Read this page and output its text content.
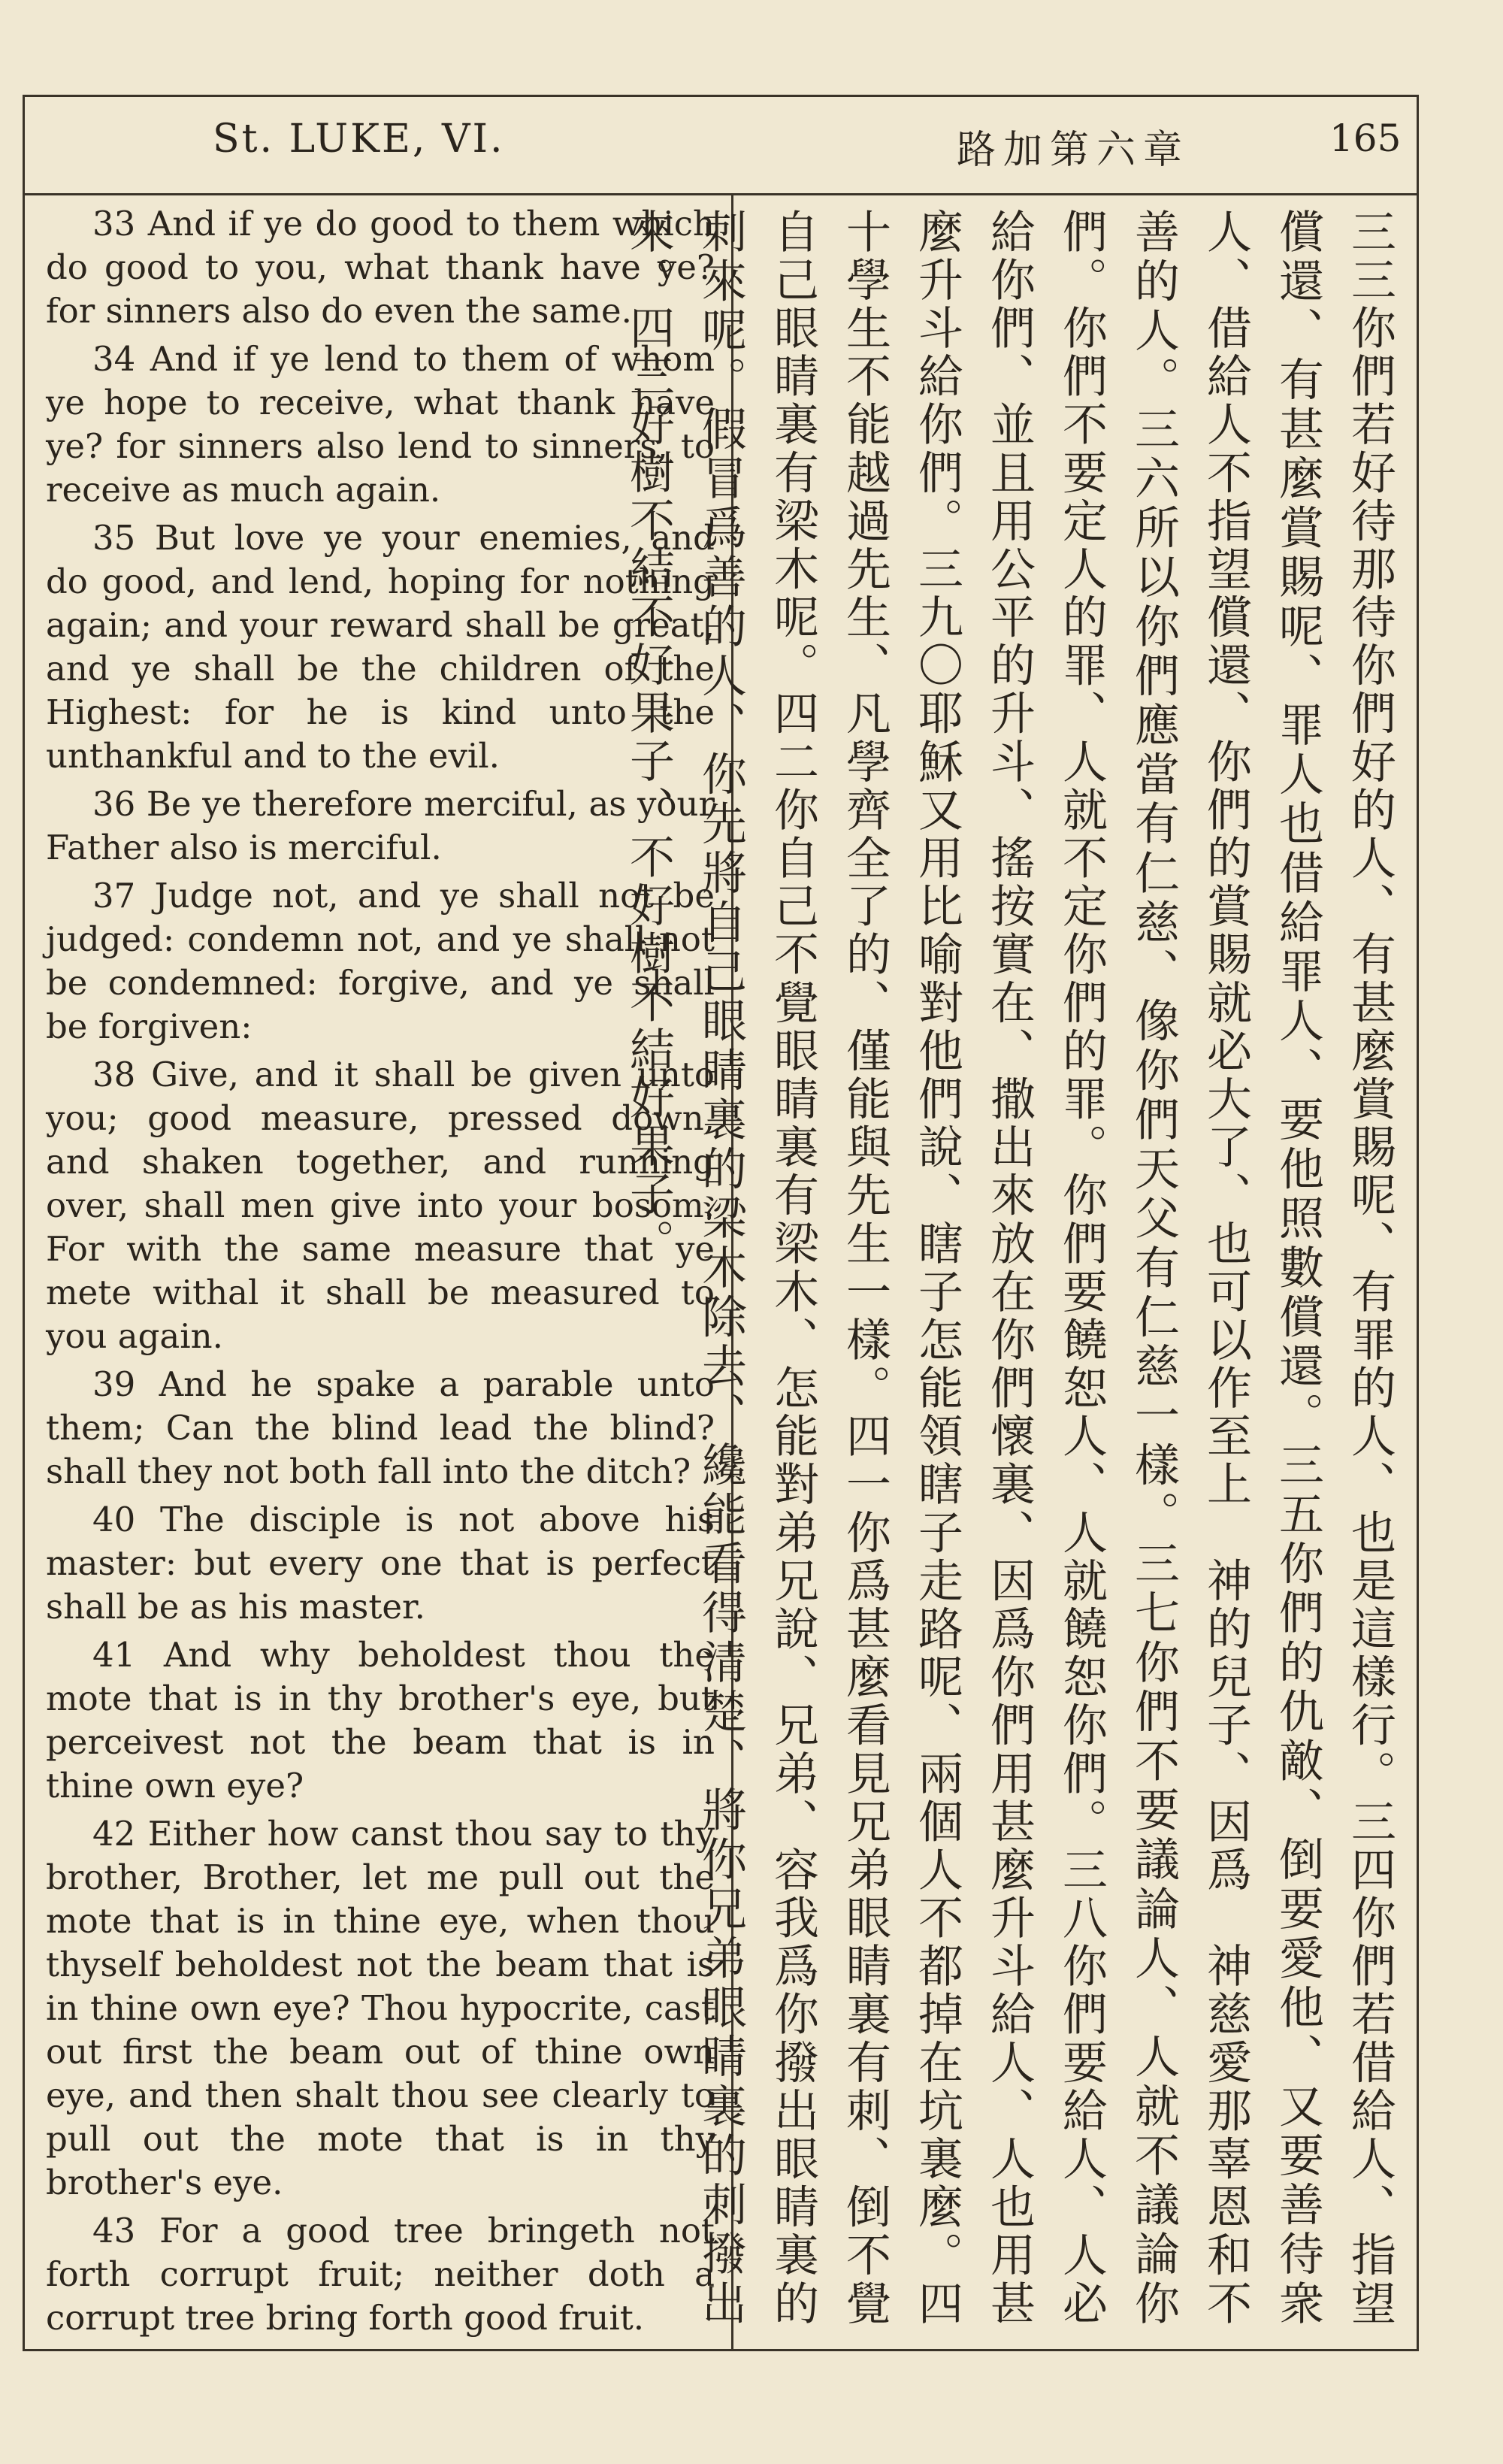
St. LUKE, VI.	路加第六章	165

33 And if ye do good to them which do good to you, what thank have ye? for sinners also do even the same.

34 And if ye lend to them of whom ye hope to receive, what thank have ye? for sinners also lend to sinners, to receive as much again.

35 But love ye your enemies, and do good, and lend, hoping for nothing again; and your reward shall be great, and ye shall be the children of the Highest: for he is kind unto the unthankful and to the evil.

36 Be ye therefore merciful, as your Father also is merciful.

37 Judge not, and ye shall not be judged: condemn not, and ye shall not be condemned: forgive, and ye shall be forgiven:

38 Give, and it shall be given unto you; good measure, pressed down, and shaken together, and running over, shall men give into your bosom. For with the same measure that ye mete withal it shall be measured to you again.

39 And he spake a parable unto them; Can the blind lead the blind? shall they not both fall into the ditch?

40 The disciple is not above his master: but every one that is perfect shall be as his master.

41 And why beholdest thou the mote that is in thy brother's eye, but perceivest not the beam that is in thine own eye?

42 Either how canst thou say to thy brother, Brother, let me pull out the mote that is in thine eye, when thou thyself beholdest not the beam that is in thine own eye? Thou hypocrite, cast out first the beam out of thine own eye, and then shalt thou see clearly to pull out the mote that is in thy brother's eye.

43 For a good tree bringeth not forth corrupt fruit; neither doth a corrupt tree bring forth good fruit.	三三你們若好待那待你們好的人、有甚麼賞賜呢、有罪的人、也是這樣行。三四你們若借給人、指望償還、有甚麼賞賜呢、罪人也借給罪人、要他照數償還。三五你們的仇敵、倒要愛他、又要善待衆人、借給人不指望償還、你們的賞賜就必大了、也可以作至上　神的兒子、因爲　神慈愛那辜恩和不善的人。三六所以你們應當有仁慈、像你們天父有仁慈一樣。三七你們不要議論人、人就不議論你們。你們不要定人的罪、人就不定你們的罪。你們要饒恕人、人就饒恕你們。三八你們要給人、人必給你們、並且用公平的升斗、搖按實在、撒出來放在你們懷裏、因爲你們用甚麼升斗給人、人也用甚麼升斗給你們。三九〇耶穌又用比喻對他們說、瞎子怎能領瞎子走路呢、兩個人不都掉在坑裏麼。四十學生不能越過先生、凡學齊全了的、僅能與先生一樣。四一你爲甚麼看見兄弟眼睛裏有刺、倒不覺自己眼睛裏有梁木呢。四二你自己不覺眼睛裏有梁木、怎能對弟兄說、兄弟、容我爲你撥出眼睛裏的刺來呢。假冒爲善的人、你先將自己眼睛裏的梁木除去、纔能看得清楚、將你兄弟眼睛裏的刺撥出來。四三好樹不結不好果子、不好樹不結好果子。
